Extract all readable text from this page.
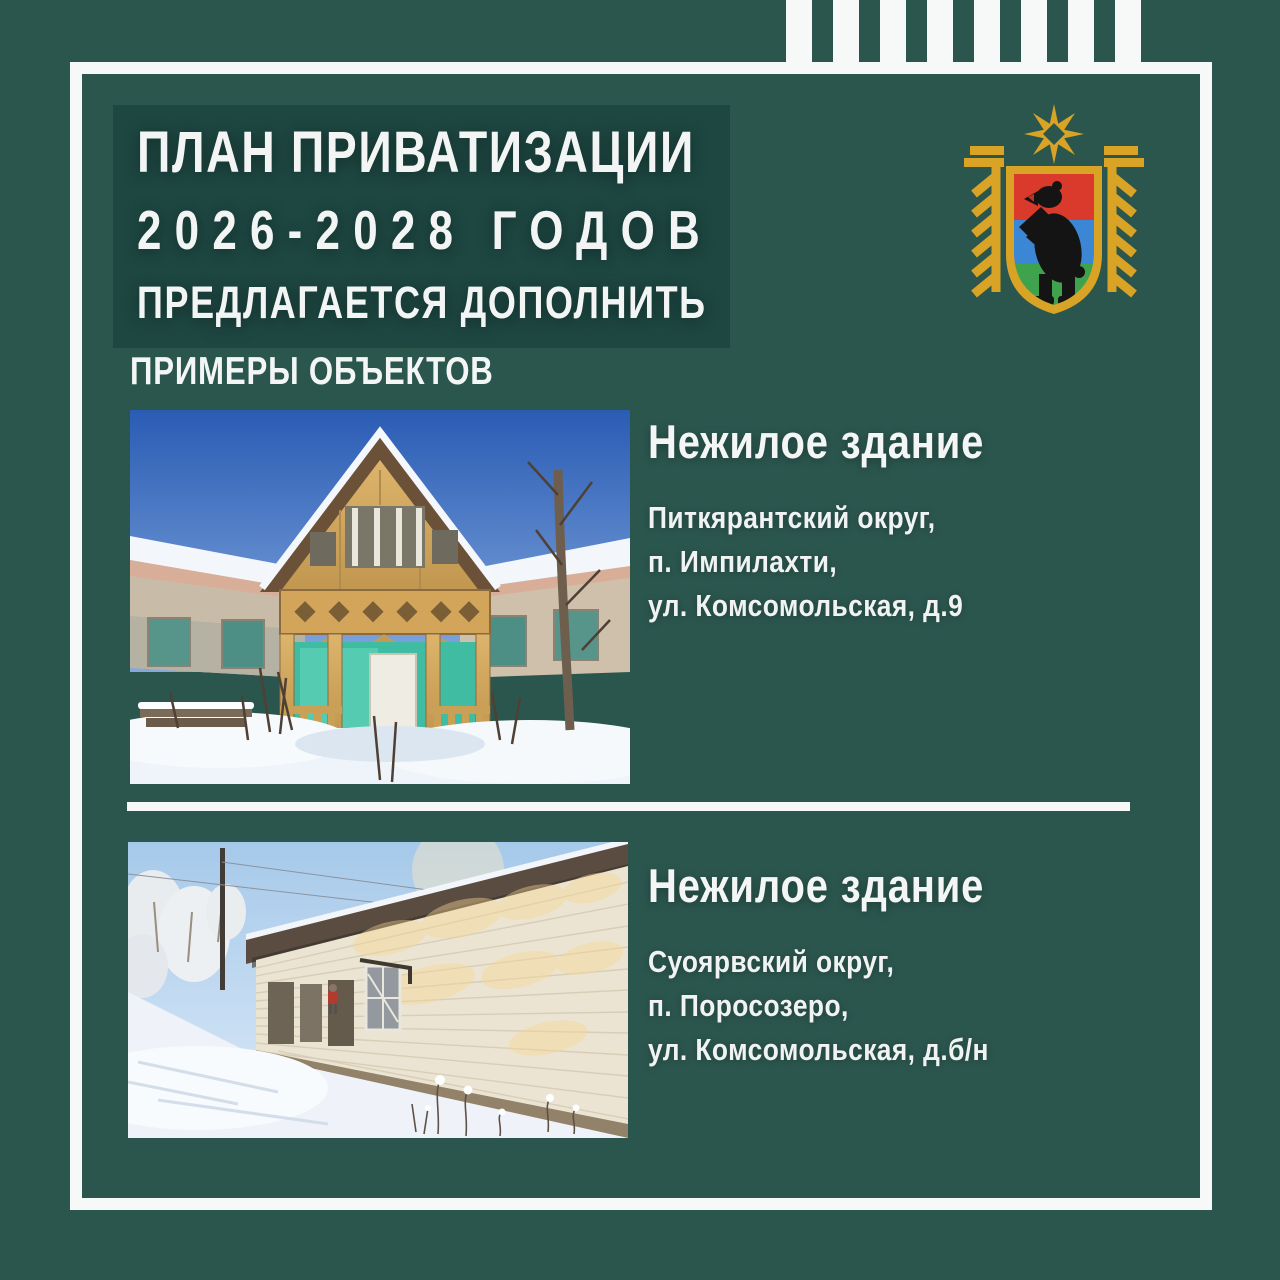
ПЛАН ПРИВАТИЗАЦИИ
2026-2028 ГОДОВ
ПРЕДЛАГАЕТСЯ ДОПОЛНИТЬ
ПРИМЕРЫ ОБЪЕКТОВ
Нежилое здание

Питкярантский округ,

п. Импилахти,

ул. Комсомольская, д.9

Нежилое здание

Суоярвский округ,

п. Поросозеро,

ул. Комсомольская, д.б/н
